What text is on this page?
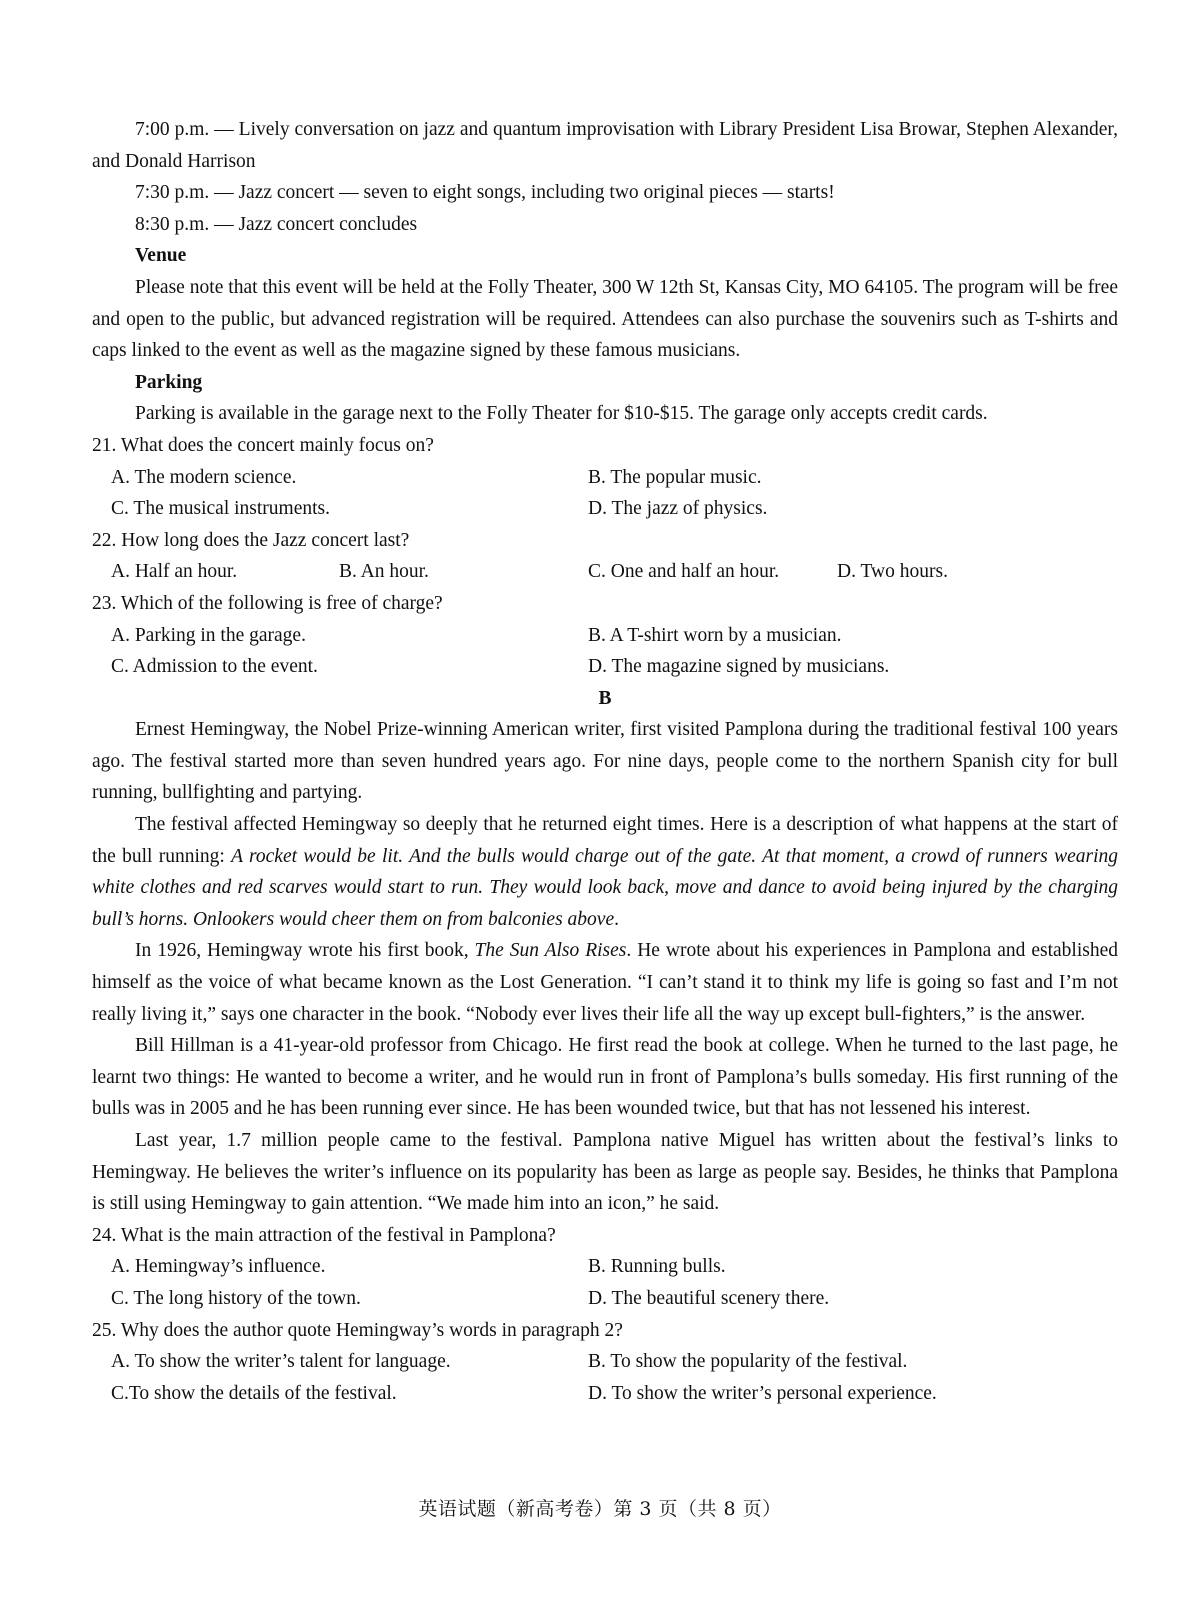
7:00 p.m. — Lively conversation on jazz and quantum improvisation with Library President Lisa Browar, Stephen Alexander, and Donald Harrison

7:30 p.m. — Jazz concert — seven to eight songs, including two original pieces — starts!

8:30 p.m. — Jazz concert concludes

Venue

Please note that this event will be held at the Folly Theater, 300 W 12th St, Kansas City, MO 64105. The program will be free and open to the public, but advanced registration will be required. Attendees can also purchase the souvenirs such as T-shirts and caps linked to the event as well as the magazine signed by these famous musicians.

Parking

Parking is available in the garage next to the Folly Theater for $10-$15. The garage only accepts credit cards.

21. What does the concert mainly focus on?

A. The modern science.	B. The popular music.
C. The musical instruments.	D. The jazz of physics.

22. How long does the Jazz concert last?

A. Half an hour.	B. An hour.	C. One and half an hour.	D. Two hours.

23. Which of the following is free of charge?

A. Parking in the garage.	B. A T-shirt worn by a musician.
C. Admission to the event.	D. The magazine signed by musicians.

B

Ernest Hemingway, the Nobel Prize-winning American writer, first visited Pamplona during the traditional festival 100 years ago. The festival started more than seven hundred years ago. For nine days, people come to the northern Spanish city for bull running, bullfighting and partying.

The festival affected Hemingway so deeply that he returned eight times. Here is a description of what happens at the start of the bull running: A rocket would be lit. And the bulls would charge out of the gate. At that moment, a crowd of runners wearing white clothes and red scarves would start to run. They would look back, move and dance to avoid being injured by the charging bull’s horns. Onlookers would cheer them on from balconies above.

In 1926, Hemingway wrote his first book, The Sun Also Rises. He wrote about his experiences in Pamplona and established himself as the voice of what became known as the Lost Generation. “I can’t stand it to think my life is going so fast and I’m not really living it,” says one character in the book. “Nobody ever lives their life all the way up except bull-fighters,” is the answer.

Bill Hillman is a 41-year-old professor from Chicago. He first read the book at college. When he turned to the last page, he learnt two things: He wanted to become a writer, and he would run in front of Pamplona’s bulls someday. His first running of the bulls was in 2005 and he has been running ever since. He has been wounded twice, but that has not lessened his interest.

Last year, 1.7 million people came to the festival. Pamplona native Miguel has written about the festival’s links to Hemingway. He believes the writer’s influence on its popularity has been as large as people say. Besides, he thinks that Pamplona is still using Hemingway to gain attention. “We made him into an icon,” he said.

24. What is the main attraction of the festival in Pamplona?

A. Hemingway’s influence.	B. Running bulls.
C. The long history of the town.	D. The beautiful scenery there.

25. Why does the author quote Hemingway’s words in paragraph 2?

A. To show the writer’s talent for language.	B. To show the popularity of the festival.
C.To show the details of the festival.	D. To show the writer’s personal experience.
英语试题（新高考卷）第 3 页（共 8 页）
